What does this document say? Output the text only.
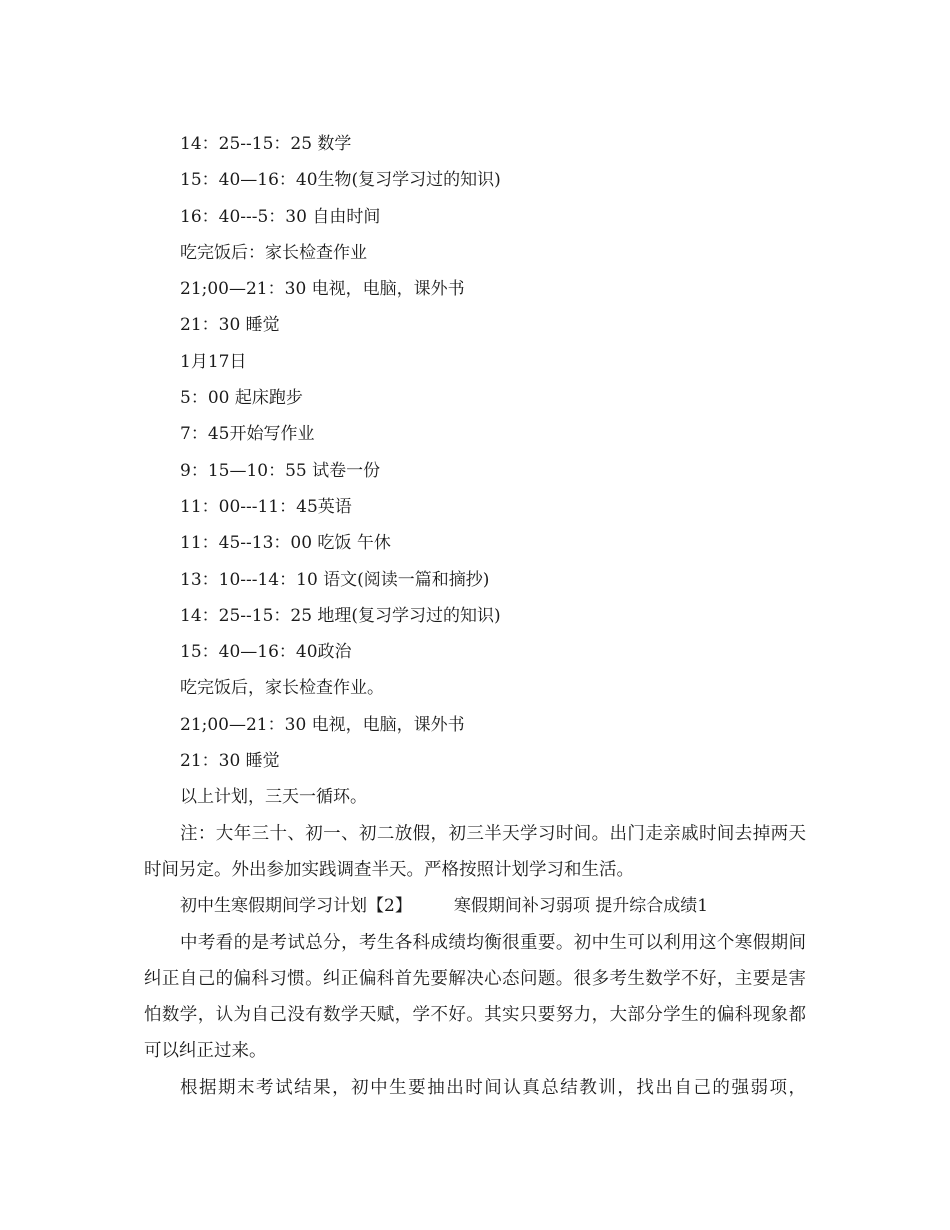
14：25--15：25 数学
15：40—16：40生物(复习学习过的知识)
16：40---5：30 自由时间
吃完饭后：家长检查作业
21;00—21：30 电视，电脑，课外书
21：30 睡觉
1月17日
5：00 起床跑步
7：45开始写作业
9：15—10：55 试卷一份
11：00---11：45英语
11：45--13：00 吃饭 午休
13：10---14：10 语文(阅读一篇和摘抄)
14：25--15：25 地理(复习学习过的知识)
15：40—16：40政治
吃完饭后，家长检查作业。
21;00—21：30 电视，电脑，课外书
21：30 睡觉
以上计划，三天一循环。

注：大年三十、初一、初二放假，初三半天学习时间。出门走亲戚时间去掉两天时间另定。外出参加实践调查半天。严格按照计划学习和生活。

初中生寒假期间学习计划【2】 寒假期间补习弱项 提升综合成绩1

中考看的是考试总分，考生各科成绩均衡很重要。初中生可以利用这个寒假期间纠正自己的偏科习惯。纠正偏科首先要解决心态问题。很多考生数学不好，主要是害怕数学，认为自己没有数学天赋，学不好。其实只要努力，大部分学生的偏科现象都可以纠正过来。

根据期末考试结果，初中生要抽出时间认真总结教训，找出自己的强弱项，
